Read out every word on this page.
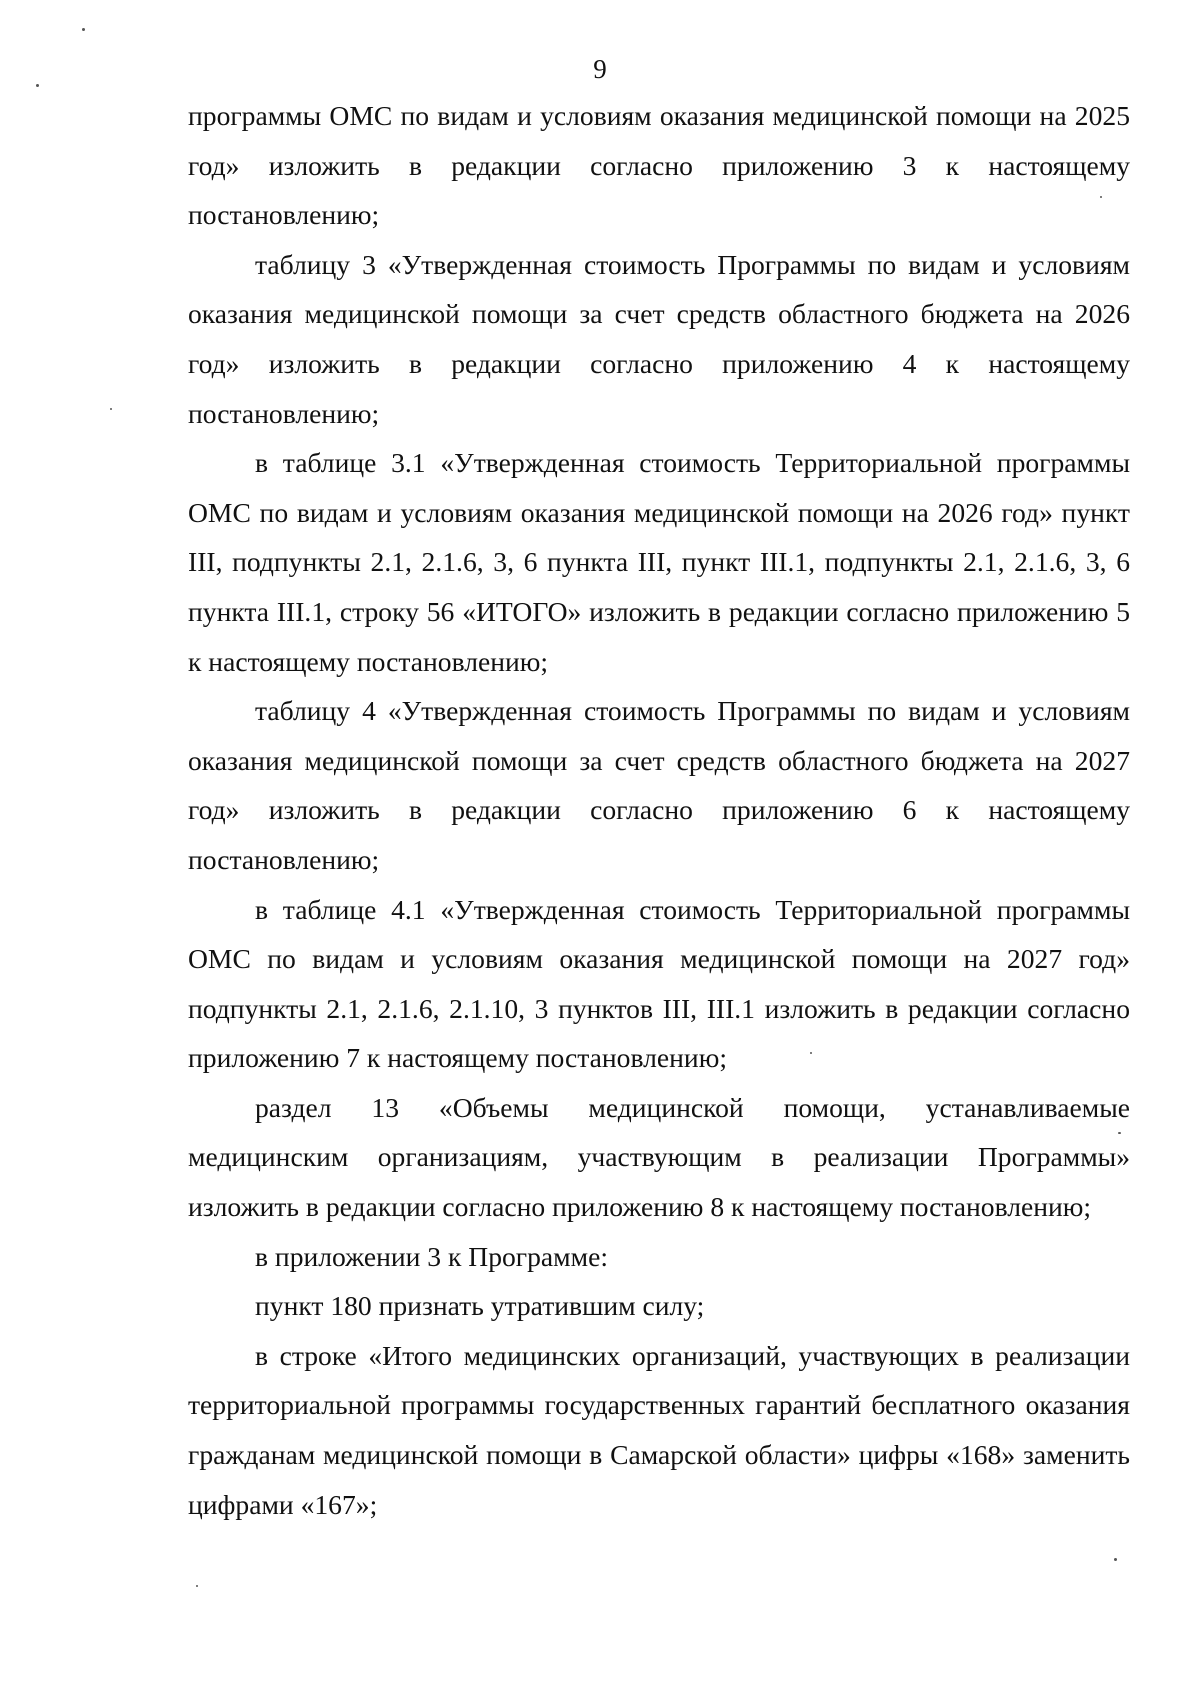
9

программы ОМС по видам и условиям оказания медицинской помощи на 2025 год» изложить в редакции согласно приложению 3 к настоящему постановлению;

таблицу 3 «Утвержденная стоимость Программы по видам и условиям оказания медицинской помощи за счет средств областного бюджета на 2026 год» изложить в редакции согласно приложению 4 к настоящему постановлению;

в таблице 3.1 «Утвержденная стоимость Территориальной программы ОМС по видам и условиям оказания медицинской помощи на 2026 год» пункт III, подпункты 2.1, 2.1.6, 3, 6 пункта III, пункт III.1, подпункты 2.1, 2.1.6, 3, 6 пункта III.1, строку 56 «ИТОГО» изложить в редакции согласно приложению 5 к настоящему постановлению;

таблицу 4 «Утвержденная стоимость Программы по видам и условиям оказания медицинской помощи за счет средств областного бюджета на 2027 год» изложить в редакции согласно приложению 6 к настоящему постановлению;

в таблице 4.1 «Утвержденная стоимость Территориальной программы ОМС по видам и условиям оказания медицинской помощи на 2027 год» подпункты 2.1, 2.1.6, 2.1.10, 3 пунктов III, III.1 изложить в редакции согласно приложению 7 к настоящему постановлению;

раздел 13 «Объемы медицинской помощи, устанавливаемые медицинским организациям, участвующим в реализации Программы» изложить в редакции согласно приложению 8 к настоящему постановлению;

в приложении 3 к Программе:

пункт 180 признать утратившим силу;

в строке «Итого медицинских организаций, участвующих в реализации территориальной программы государственных гарантий бесплатного оказания гражданам медицинской помощи в Самарской области» цифры «168» заменить цифрами «167»;
